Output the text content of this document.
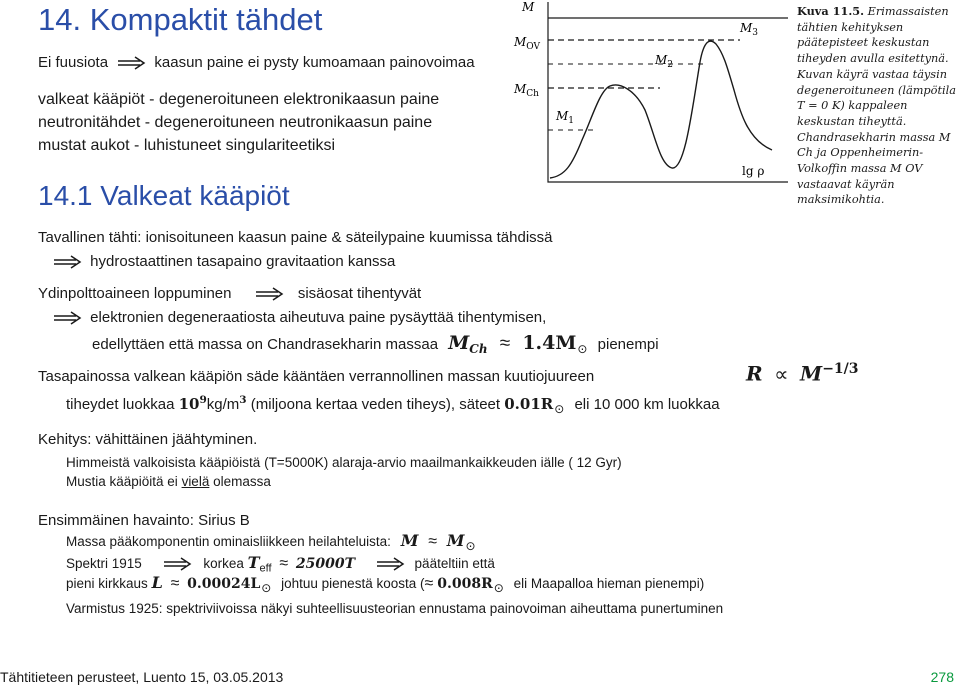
14. Kompaktit tähdet
Ei fuusiota	kaasun paine ei pysty kumoamaan painovoimaa
valkeat kääpiöt - degeneroituneen elektronikaasun paine
neutronitähdet - degeneroituneen neutronikaasun paine
mustat aukot - luhistuneet singulariteetiksi
14.1 Valkeat kääpiöt
Tavallinen tähti: ionisoituneen kaasun paine & säteilypaine kuumissa tähdissä
hydrostaattinen tasapaino gravitaation kanssa
Ydinpolttoaineen loppuminen	sisäosat tihentyvät
elektronien degeneraatiosta aiheutuva paine pysäyttää tihentymisen,
edellyttäen että massa on Chandrasekharin massaa $M_{Ch} \approx 1.4M_⊙$ pienempi
Tasapainossa valkean kääpiön säde kääntäen verrannollinen massan kuutiojuureen	$R \propto M^{-1/3}$
tiheydet luokkaa $10^9kg/m^3$ (miljoona kertaa veden tiheys), säteet $0.01R_⊙$ eli 10 000 km luokkaa
Kehitys: vähittäinen jäähtyminen.
Himmeistä valkoisista kääpiöistä (T=5000K) alaraja-arvio maailmankaikkeuden iälle ( 12 Gyr)
Mustia kääpiöitä ei vielä olemassa
Ensimmäinen havainto: Sirius B
Massa pääkomponentin ominaisliikkeen heilahteluista: M ≈ M⊙
Spektri 1915	korkea $T_{eff} \approx 25000T$	pääteltiin että
pieni kirkkaus L ≈ 0.00024L⊙ johtuu pienestä koosta (≈ 0.008R⊙ eli Maapalloa hieman pienempi)
Varmistus 1925: spektriviivoissa näkyi suhteellisuusteorian ennustama painovoiman aiheuttama punertuminen
M
$M_{OV}$
$M_{Ch}$
$M_1$
$M_2$
$M_3$
lg ρ
Kuva 11.5. Erimassaisten tähtien kehityksen päätepisteet keskustan tiheyden avulla esitettynä. Kuvan käyrä vastaa täysin degeneroituneen (lämpötila T = 0 K) kappaleen keskustan tiheyttä. Chandrasekharin massa M Ch ja Oppenheimerin-Volkoffin massa M OV vastaavat käyrän maksimikohtia.
Tähtitieteen perusteet, Luento 15, 03.05.2013	278
